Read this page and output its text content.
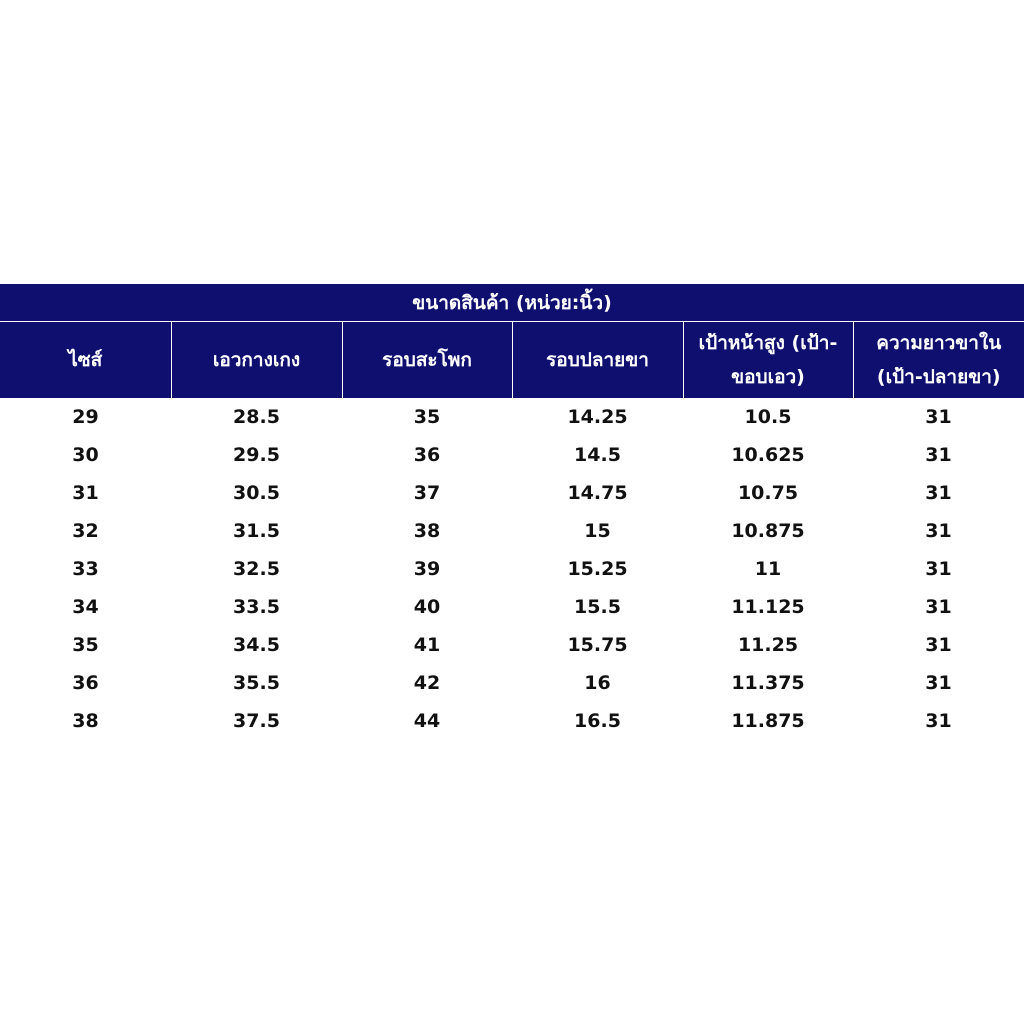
ขนาดสินค้า (หน่วย:นิ้ว)					
ไซส์	เอวกางเกง	รอบสะโพก	รอบปลายขา	เป้าหน้าสูง (เป้า-ขอบเอว)	ความยาวขาใน (เป้า-ปลายขา)
29	28.5	35	14.25	10.5	31
30	29.5	36	14.5	10.625	31
31	30.5	37	14.75	10.75	31
32	31.5	38	15	10.875	31
33	32.5	39	15.25	11	31
34	33.5	40	15.5	11.125	31
35	34.5	41	15.75	11.25	31
36	35.5	42	16	11.375	31
38	37.5	44	16.5	11.875	31
